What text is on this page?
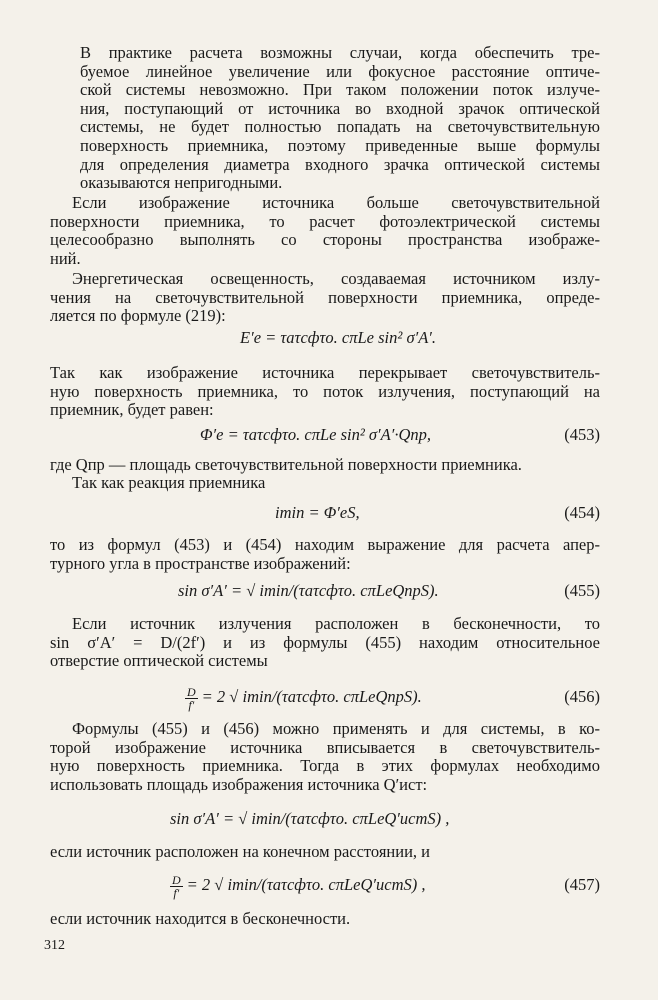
В практике расчета возможны случаи, когда обеспечить тре-
буемое линейное увеличение или фокусное расстояние оптиче-
ской системы невозможно. При таком положении поток излуче-
ния, поступающий от источника во входной зрачок оптической
системы, не будет полностью попадать на светочувствительную
поверхность приемника, поэтому приведенные выше формулы
для определения диаметра входного зрачка оптической системы
оказываются непригодными.
Если изображение источника больше светочувствительной
поверхности приемника, то расчет фотоэлектрической системы
целесообразно выполнять со стороны пространства изображе-
ний.
Энергетическая освещенность, создаваемая источником излу-
чения на светочувствительной поверхности приемника, опреде-
ляется по формуле (219):
E′e = τaτcфτo. cπLe sin² σ′A′.
Так как изображение источника перекрывает светочувствитель-
ную поверхность приемника, то поток излучения, поступающий на
приемник, будет равен:
Φ′e = τaτcфτo. cπLe sin² σ′A′·Qпр,	(453)
где Qпр — площадь светочувствительной поверхности приемника.
Так как реакция приемника
imin = Φ′eS,	(454)
то из формул (453) и (454) находим выражение для расчета апер-
турного угла в пространстве изображений:
sin σ′A′ = √ imin/(τaτcфτo. cπLeQпрS).	(455)
Если источник излучения расположен в бесконечности, то
sin σ′A′ = D/(2f′) и из формулы (455) находим относительное
отверстие оптической системы
$\frac{D}{f'} = 2$ √ imin/(τaτcфτo. cπLeQпрS).	(456)
Формулы (455) и (456) можно применять и для системы, в ко-
торой изображение источника вписывается в светочувствитель-
ную поверхность приемника. Тогда в этих формулах необходимо
использовать площадь изображения источника Q′ист:
sin σ′A′ = √ imin/(τaτcфτo. cπLeQ′истS) ,
если источник расположен на конечном расстоянии, и
$\frac{D}{f'} = 2$ √ imin/(τaτcфτo. cπLeQ′истS) ,	(457)
если источник находится в бесконечности.
312
